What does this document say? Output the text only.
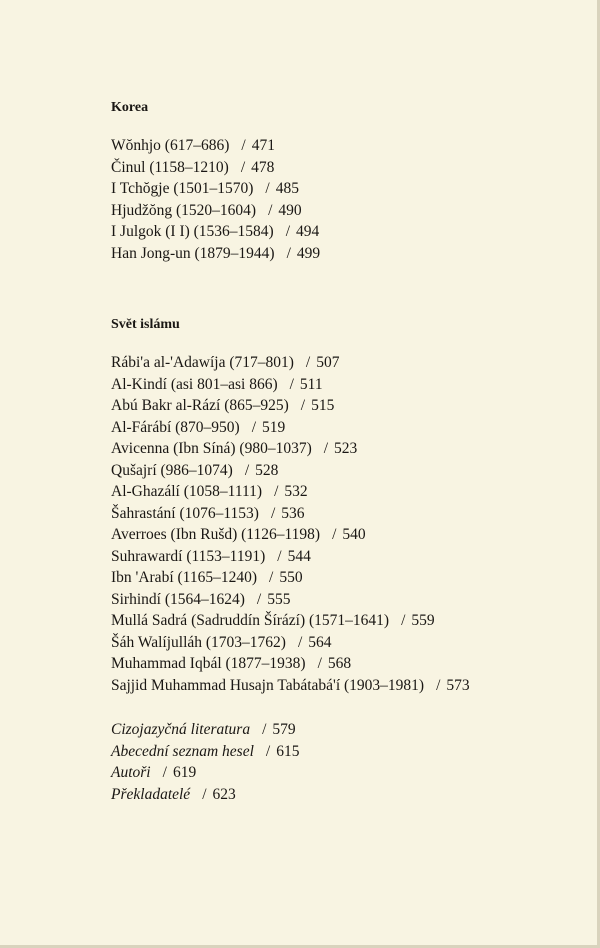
Korea
Wŏnhjo (617–686) / 471
Činul (1158–1210) / 478
I Tchŏgje (1501–1570) / 485
Hjudžŏng (1520–1604) / 490
I Julgok (I I) (1536–1584) / 494
Han Jong-un (1879–1944) / 499
Svět islámu
Rábi'a al-'Adawíja (717–801) / 507
Al-Kindí (asi 801–asi 866) / 511
Abú Bakr al-Rází (865–925) / 515
Al-Fárábí (870–950) / 519
Avicenna (Ibn Síná) (980–1037) / 523
Qušajrí (986–1074) / 528
Al-Ghazálí (1058–1111) / 532
Šahrastání (1076–1153) / 536
Averroes (Ibn Rušd) (1126–1198) / 540
Suhrawardí (1153–1191) / 544
Ibn 'Arabí (1165–1240) / 550
Sirhindí (1564–1624) / 555
Mullá Sadrá (Sadruddín Šírází) (1571–1641) / 559
Šáh Walíjulláh (1703–1762) / 564
Muhammad Iqbál (1877–1938) / 568
Sajjid Muhammad Husajn Tabátabá'í (1903–1981) / 573
Cizojazyčná literatura / 579
Abecední seznam hesel / 615
Autoři / 619
Překladatelé / 623
